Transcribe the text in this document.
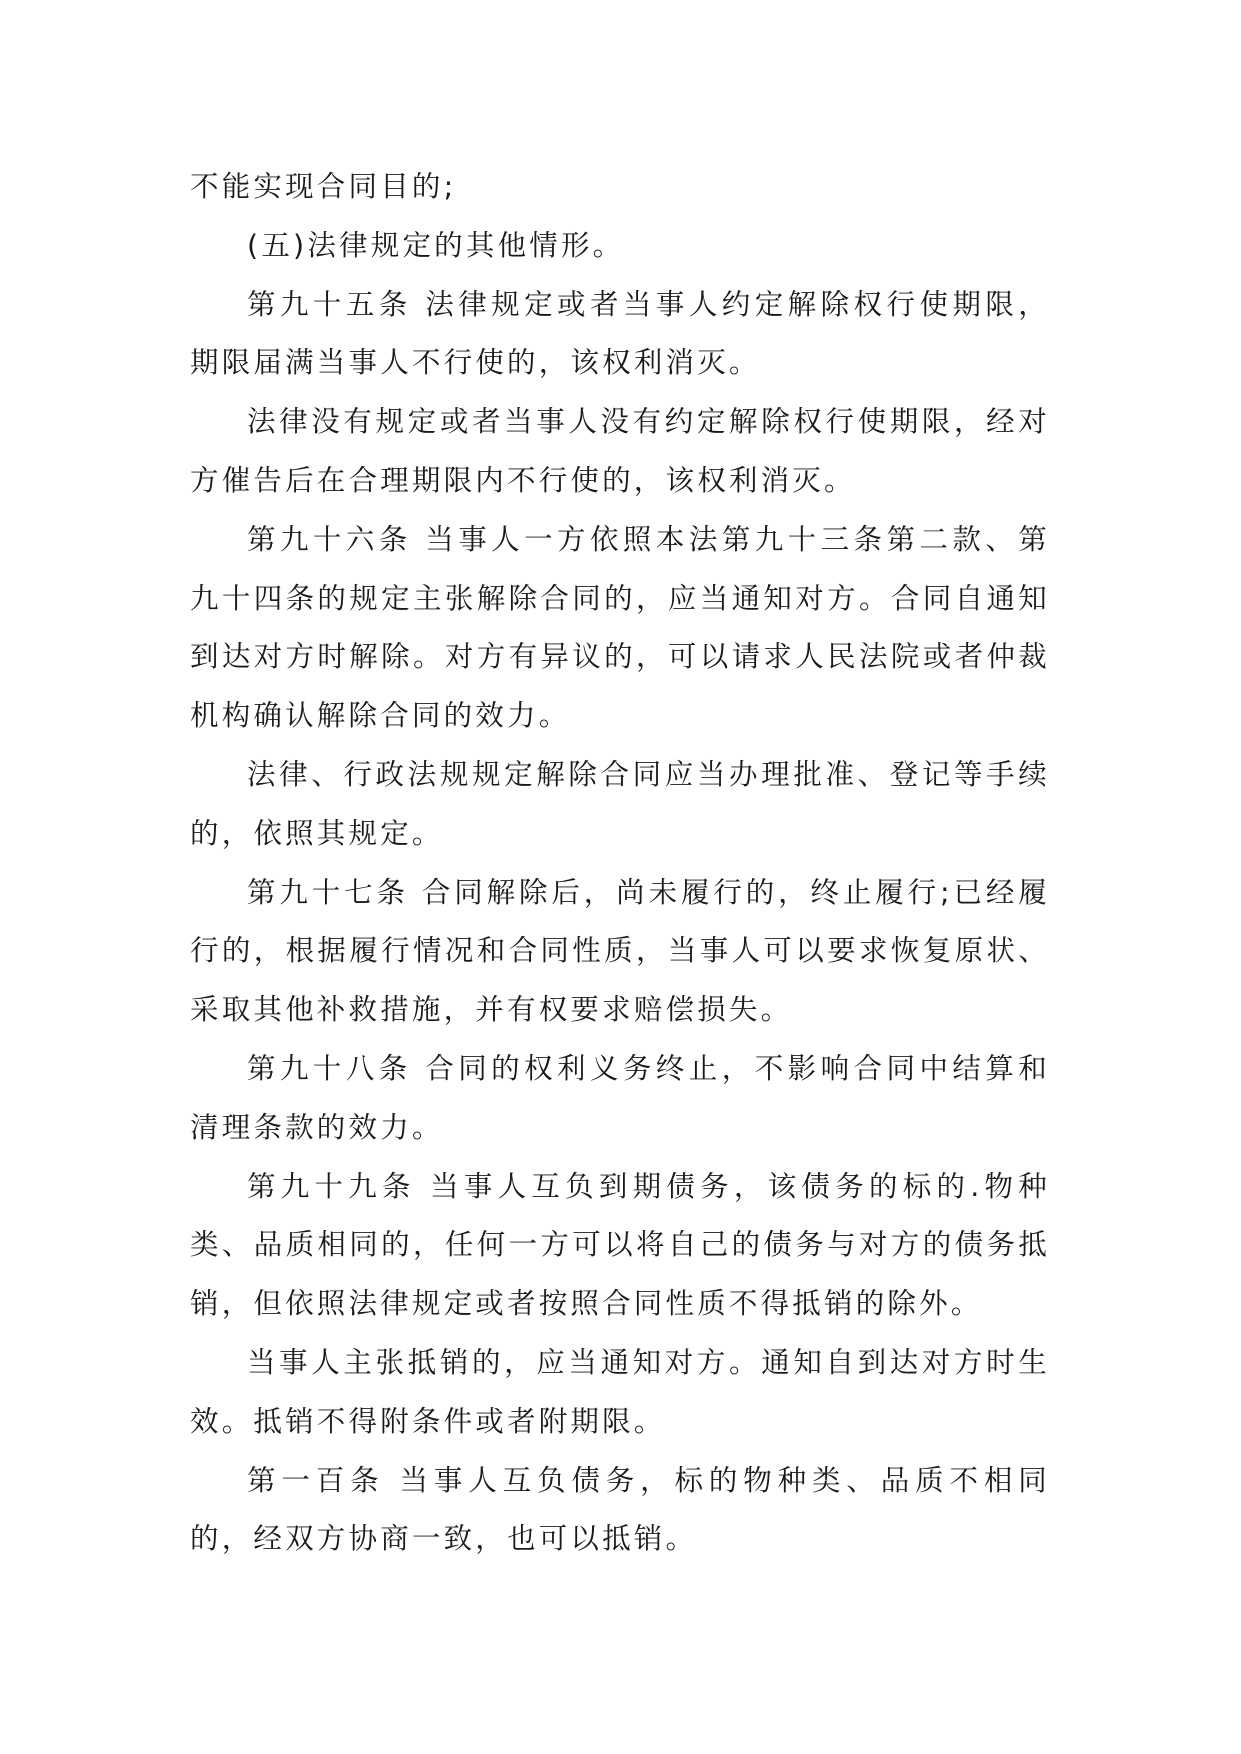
不能实现合同目的;

(五)法律规定的其他情形。

第九十五条 法律规定或者当事人约定解除权行使期限，期限届满当事人不行使的，该权利消灭。

法律没有规定或者当事人没有约定解除权行使期限，经对方催告后在合理期限内不行使的，该权利消灭。

第九十六条 当事人一方依照本法第九十三条第二款、第九十四条的规定主张解除合同的，应当通知对方。合同自通知到达对方时解除。对方有异议的，可以请求人民法院或者仲裁机构确认解除合同的效力。

法律、行政法规规定解除合同应当办理批准、登记等手续的，依照其规定。

第九十七条 合同解除后，尚未履行的，终止履行;已经履行的，根据履行情况和合同性质，当事人可以要求恢复原状、采取其他补救措施，并有权要求赔偿损失。

第九十八条 合同的权利义务终止，不影响合同中结算和清理条款的效力。

第九十九条 当事人互负到期债务，该债务的标的.物种类、品质相同的，任何一方可以将自己的债务与对方的债务抵销，但依照法律规定或者按照合同性质不得抵销的除外。

当事人主张抵销的，应当通知对方。通知自到达对方时生效。抵销不得附条件或者附期限。

第一百条 当事人互负债务，标的物种类、品质不相同的，经双方协商一致，也可以抵销。
